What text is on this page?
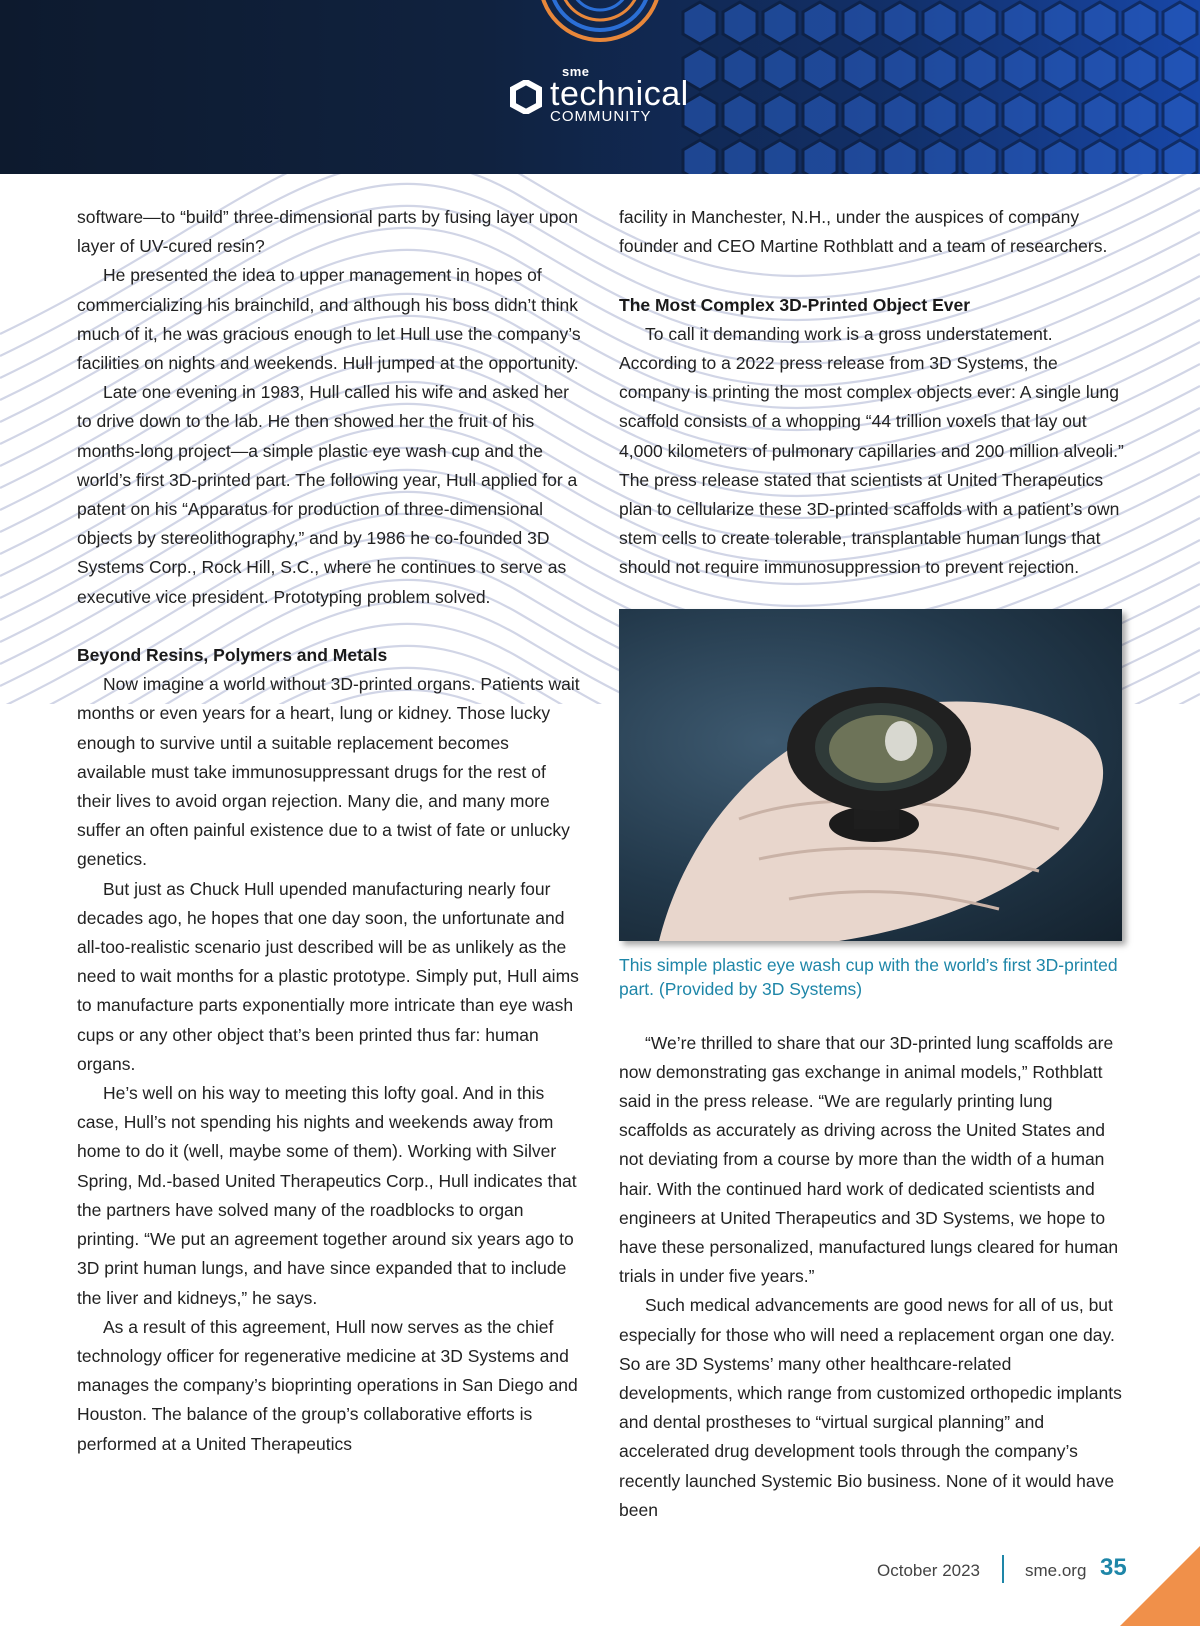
sme
technical
COMMUNITY

software—to “build” three-dimensional parts by fusing layer upon layer of UV-cured resin?

He presented the idea to upper management in hopes of commercializing his brainchild, and although his boss didn’t think much of it, he was gracious enough to let Hull use the company’s facilities on nights and weekends. Hull jumped at the opportunity.

Late one evening in 1983, Hull called his wife and asked her to drive down to the lab. He then showed her the fruit of his months-long project—a simple plastic eye wash cup and the world’s first 3D-printed part. The following year, Hull applied for a patent on his “Apparatus for production of three-dimensional objects by stereolithography,” and by 1986 he co-founded 3D Systems Corp., Rock Hill, S.C., where he continues to serve as executive vice president. Prototyping problem solved.

Beyond Resins, Polymers and Metals

Now imagine a world without 3D-printed organs. Patients wait months or even years for a heart, lung or kidney. Those lucky enough to survive until a suitable replacement becomes available must take immunosuppressant drugs for the rest of their lives to avoid organ rejection. Many die, and many more suffer an often painful existence due to a twist of fate or unlucky genetics.

But just as Chuck Hull upended manufacturing nearly four decades ago, he hopes that one day soon, the unfortunate and all-too-realistic scenario just described will be as unlikely as the need to wait months for a plastic prototype. Simply put, Hull aims to manufacture parts exponentially more intricate than eye wash cups or any other object that’s been printed thus far: human organs.

He’s well on his way to meeting this lofty goal. And in this case, Hull’s not spending his nights and weekends away from home to do it (well, maybe some of them). Working with Silver Spring, Md.-based United Therapeutics Corp., Hull indicates that the partners have solved many of the roadblocks to organ printing. “We put an agreement together around six years ago to 3D print human lungs, and have since expanded that to include the liver and kidneys,” he says.

As a result of this agreement, Hull now serves as the chief technology officer for regenerative medicine at 3D Systems and manages the company’s bioprinting operations in San Diego and Houston. The balance of the group’s collaborative efforts is performed at a United Therapeutics

facility in Manchester, N.H., under the auspices of company founder and CEO Martine Rothblatt and a team of researchers.

The Most Complex 3D-Printed Object Ever

To call it demanding work is a gross understatement. According to a 2022 press release from 3D Systems, the company is printing the most complex objects ever: A single lung scaffold consists of a whopping “44 trillion voxels that lay out 4,000 kilometers of pulmonary capillaries and 200 million alveoli.” The press release stated that scientists at United Therapeutics plan to cellularize these 3D-printed scaffolds with a patient’s own stem cells to create tolerable, transplantable human lungs that should not require immunosuppression to prevent rejection.

This simple plastic eye wash cup with the world’s first 3D-printed part. (Provided by 3D Systems)

“We’re thrilled to share that our 3D-printed lung scaffolds are now demonstrating gas exchange in animal models,” Rothblatt said in the press release. “We are regularly printing lung scaffolds as accurately as driving across the United States and not deviating from a course by more than the width of a human hair. With the continued hard work of dedicated scientists and engineers at United Therapeutics and 3D Systems, we hope to have these personalized, manufactured lungs cleared for human trials in under five years.”

Such medical advancements are good news for all of us, but especially for those who will need a replacement organ one day. So are 3D Systems’ many other healthcare-related developments, which range from customized orthopedic implants and dental prostheses to “virtual surgical planning” and accelerated drug development tools through the company’s recently launched Systemic Bio business. None of it would have been

October 2023	sme.org 35
